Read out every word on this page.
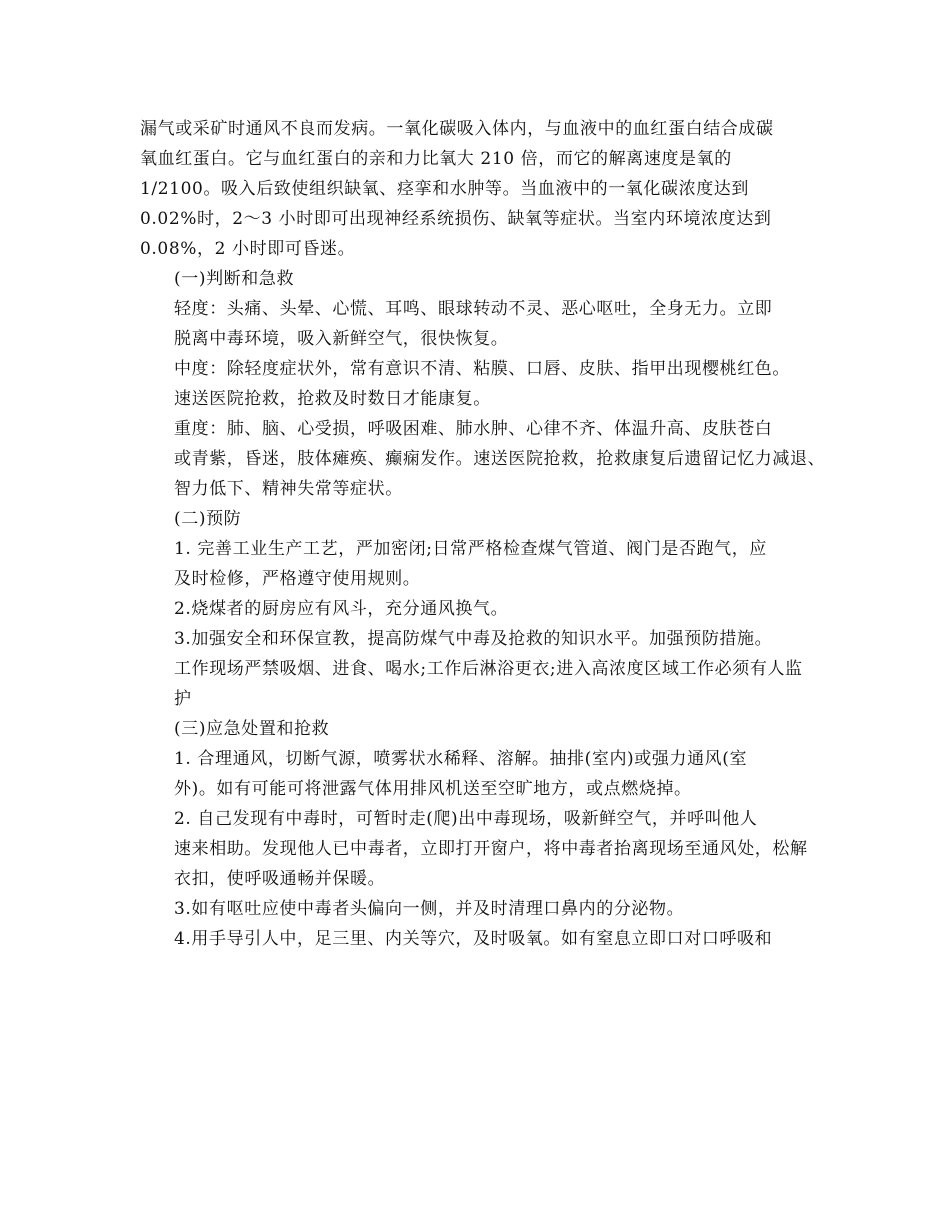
漏气或采矿时通风不良而发病。一氧化碳吸入体内，与血液中的血红蛋白结合成碳
氧血红蛋白。它与血红蛋白的亲和力比氧大 210 倍，而它的解离速度是氧的
1/2100。吸入后致使组织缺氧、痉挛和水肿等。当血液中的一氧化碳浓度达到
0.02%时，2～3 小时即可出现神经系统损伤、缺氧等症状。当室内环境浓度达到
0.08%，2 小时即可昏迷。

(一)判断和急救

轻度：头痛、头晕、心慌、耳鸣、眼球转动不灵、恶心呕吐，全身无力。立即
脱离中毒环境，吸入新鲜空气，很快恢复。

中度：除轻度症状外，常有意识不清、粘膜、口唇、皮肤、指甲出现樱桃红色。
速送医院抢救，抢救及时数日才能康复。

重度：肺、脑、心受损，呼吸困难、肺水肿、心律不齐、体温升高、皮肤苍白
或青紫，昏迷，肢体瘫痪、癫痫发作。速送医院抢救，抢救康复后遗留记忆力减退、
智力低下、精神失常等症状。

(二)预防

1. 完善工业生产工艺，严加密闭;日常严格检查煤气管道、阀门是否跑气，应
及时检修，严格遵守使用规则。

2.烧煤者的厨房应有风斗，充分通风换气。

3.加强安全和环保宣教，提高防煤气中毒及抢救的知识水平。加强预防措施。
工作现场严禁吸烟、进食、喝水;工作后淋浴更衣;进入高浓度区域工作必须有人监
护

(三)应急处置和抢救

1. 合理通风，切断气源，喷雾状水稀释、溶解。抽排(室内)或强力通风(室
外)。如有可能可将泄露气体用排风机送至空旷地方，或点燃烧掉。

2. 自己发现有中毒时，可暂时走(爬)出中毒现场，吸新鲜空气，并呼叫他人
速来相助。发现他人已中毒者，立即打开窗户，将中毒者抬离现场至通风处，松解
衣扣，使呼吸通畅并保暖。

3.如有呕吐应使中毒者头偏向一侧，并及时清理口鼻内的分泌物。

4.用手导引人中，足三里、内关等穴，及时吸氧。如有窒息立即口对口呼吸和
